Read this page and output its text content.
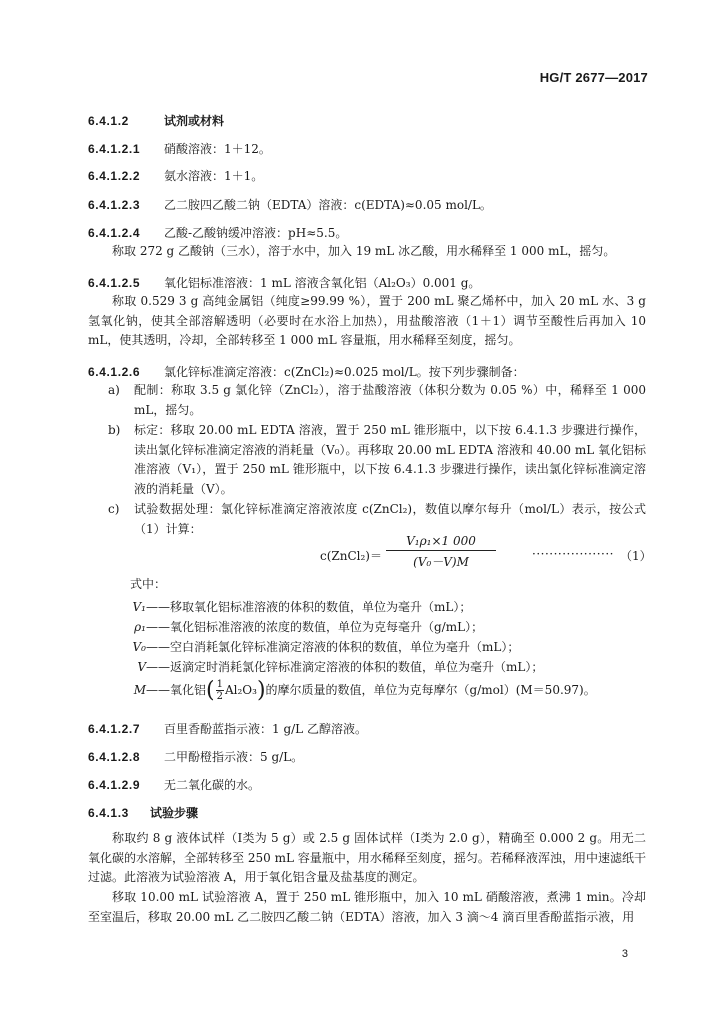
HG/T 2677—2017
6.4.1.2	试剂或材料
6.4.1.2.1 硝酸溶液：1＋12。
6.4.1.2.2 氨水溶液：1＋1。
6.4.1.2.3 乙二胺四乙酸二钠（EDTA）溶液：c(EDTA)≈0.05 mol/L。
6.4.1.2.4 乙酸-乙酸钠缓冲溶液：pH≈5.5。
称取 272 g 乙酸钠（三水），溶于水中，加入 19 mL 冰乙酸，用水稀释至 1 000 mL，摇匀。
6.4.1.2.5 氧化铝标准溶液：1 mL 溶液含氧化铝（Al₂O₃）0.001 g。
称取 0.529 3 g 高纯金属铝（纯度≥99.99 %），置于 200 mL 聚乙烯杯中，加入 20 mL 水、3 g 氢氧化钠，使其全部溶解透明（必要时在水浴上加热），用盐酸溶液（1＋1）调节至酸性后再加入 10 mL，使其透明，冷却，全部转移至 1 000 mL 容量瓶，用水稀释至刻度，摇匀。
6.4.1.2.6 氯化锌标准滴定溶液：c(ZnCl₂)≈0.025 mol/L。按下列步骤制备：
a)	配制：称取 3.5 g 氯化锌（ZnCl₂），溶于盐酸溶液（体积分数为 0.05 %）中，稀释至 1 000 mL，摇匀。
b)	标定：移取 20.00 mL EDTA 溶液，置于 250 mL 锥形瓶中，以下按 6.4.1.3 步骤进行操作，读出氯化锌标准滴定溶液的消耗量（V₀）。再移取 20.00 mL EDTA 溶液和 40.00 mL 氧化铝标准溶液（V₁），置于 250 mL 锥形瓶中，以下按 6.4.1.3 步骤进行操作，读出氯化锌标准滴定溶液的消耗量（V）。
c)	试验数据处理：氯化锌标准滴定溶液浓度 c(ZnCl₂)，数值以摩尔每升（mol/L）表示，按公式（1）计算：
c(ZnCl₂)＝ $\frac{\text{V₁ρ₁×1 000}}{\text{(V₀－V)M}}$	··················· （1）
式中：
V₁——移取氧化铝标准溶液的体积的数值，单位为毫升（mL）；
ρ₁——氧化铝标准溶液的浓度的数值，单位为克每毫升（g/mL）；
V₀——空白消耗氯化锌标准滴定溶液的体积的数值，单位为毫升（mL）；
V——返滴定时消耗氯化锌标准滴定溶液的体积的数值，单位为毫升（mL）；
M——氧化铝( $\frac{1}{2} Al_2O_3$)的摩尔质量的数值，单位为克每摩尔（g/mol）(M＝50.97)。
6.4.1.2.7 百里香酚蓝指示液：1 g/L 乙醇溶液。
6.4.1.2.8 二甲酚橙指示液：5 g/L。
6.4.1.2.9 无二氧化碳的水。
6.4.1.3 试验步骤
称取约 8 g 液体试样（Ⅰ类为 5 g）或 2.5 g 固体试样（Ⅰ类为 2.0 g），精确至 0.000 2 g。用无二氧化碳的水溶解，全部转移至 250 mL 容量瓶中，用水稀释至刻度，摇匀。若稀释液浑浊，用中速滤纸干过滤。此溶液为试验溶液 A，用于氧化铝含量及盐基度的测定。
移取 10.00 mL 试验溶液 A，置于 250 mL 锥形瓶中，加入 10 mL 硝酸溶液，煮沸 1 min。冷却至室温后，移取 20.00 mL 乙二胺四乙酸二钠（EDTA）溶液，加入 3 滴～4 滴百里香酚蓝指示液，用
3
